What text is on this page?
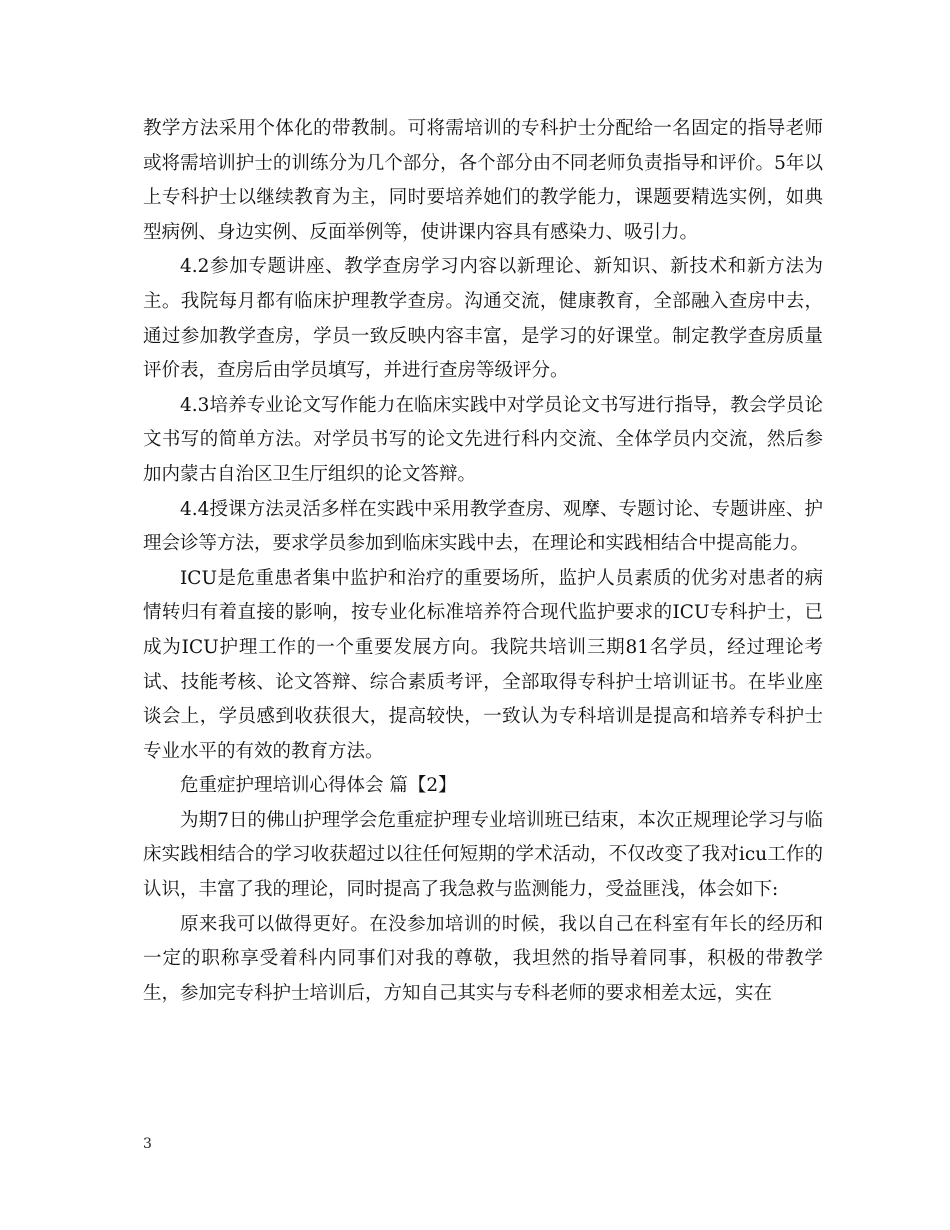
教学方法采用个体化的带教制。可将需培训的专科护士分配给一名固定的指导老师或将需培训护士的训练分为几个部分，各个部分由不同老师负责指导和评价。5年以上专科护士以继续教育为主，同时要培养她们的教学能力，课题要精选实例，如典型病例、身边实例、反面举例等，使讲课内容具有感染力、吸引力。

4.2参加专题讲座、教学查房学习内容以新理论、新知识、新技术和新方法为主。我院每月都有临床护理教学查房。沟通交流，健康教育，全部融入查房中去，通过参加教学查房，学员一致反映内容丰富，是学习的好课堂。制定教学查房质量评价表，查房后由学员填写，并进行查房等级评分。

4.3培养专业论文写作能力在临床实践中对学员论文书写进行指导，教会学员论文书写的简单方法。对学员书写的论文先进行科内交流、全体学员内交流，然后参加内蒙古自治区卫生厅组织的论文答辩。

4.4授课方法灵活多样在实践中采用教学查房、观摩、专题讨论、专题讲座、护理会诊等方法，要求学员参加到临床实践中去，在理论和实践相结合中提高能力。

ICU是危重患者集中监护和治疗的重要场所，监护人员素质的优劣对患者的病情转归有着直接的影响，按专业化标准培养符合现代监护要求的ICU专科护士，已成为ICU护理工作的一个重要发展方向。我院共培训三期81名学员，经过理论考试、技能考核、论文答辩、综合素质考评，全部取得专科护士培训证书。在毕业座谈会上，学员感到收获很大，提高较快，一致认为专科培训是提高和培养专科护士专业水平的有效的教育方法。

危重症护理培训心得体会 篇【2】

为期7日的佛山护理学会危重症护理专业培训班已结束，本次正规理论学习与临床实践相结合的学习收获超过以往任何短期的学术活动，不仅改变了我对icu工作的认识，丰富了我的理论，同时提高了我急救与监测能力，受益匪浅，体会如下:

原来我可以做得更好。在没参加培训的时候，我以自己在科室有年长的经历和一定的职称享受着科内同事们对我的尊敬，我坦然的指导着同事，积极的带教学生，参加完专科护士培训后，方知自己其实与专科老师的要求相差太远，实在

3
